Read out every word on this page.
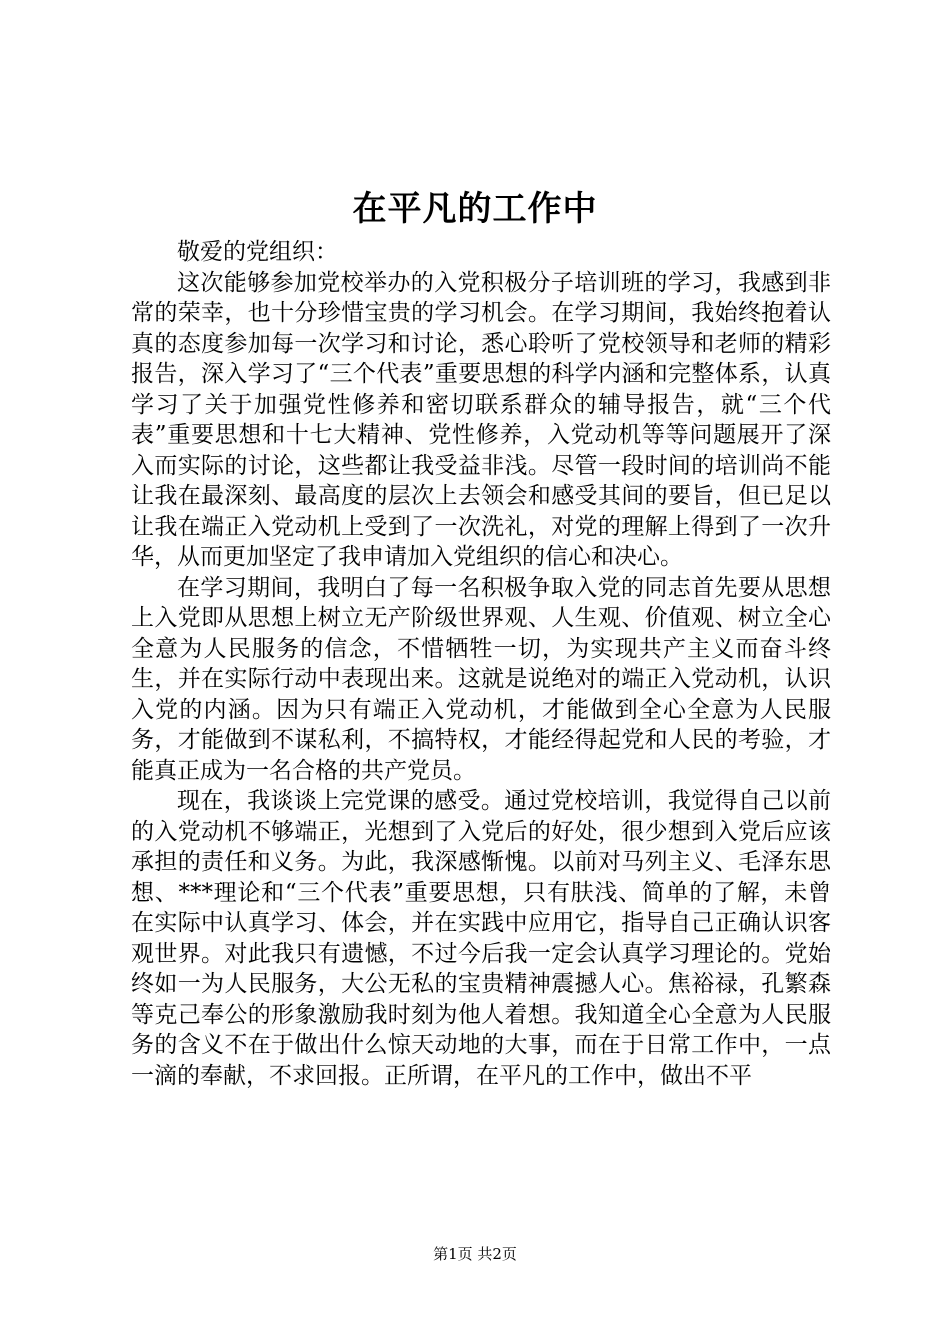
在平凡的工作中

敬爱的党组织：

这次能够参加党校举办的入党积极分子培训班的学习，我感到非常的荣幸，也十分珍惜宝贵的学习机会。在学习期间，我始终抱着认真的态度参加每一次学习和讨论，悉心聆听了党校领导和老师的精彩报告，深入学习了“三个代表”重要思想的科学内涵和完整体系，认真学习了关于加强党性修养和密切联系群众的辅导报告，就“三个代表”重要思想和十七大精神、党性修养，入党动机等等问题展开了深入而实际的讨论，这些都让我受益非浅。尽管一段时间的培训尚不能让我在最深刻、最高度的层次上去领会和感受其间的要旨，但已足以让我在端正入党动机上受到了一次洗礼，对党的理解上得到了一次升华，从而更加坚定了我申请加入党组织的信心和决心。

在学习期间，我明白了每一名积极争取入党的同志首先要从思想上入党即从思想上树立无产阶级世界观、人生观、价值观、树立全心全意为人民服务的信念，不惜牺牲一切，为实现共产主义而奋斗终生，并在实际行动中表现出来。这就是说绝对的端正入党动机，认识入党的内涵。因为只有端正入党动机，才能做到全心全意为人民服务，才能做到不谋私利，不搞特权，才能经得起党和人民的考验，才能真正成为一名合格的共产党员。

现在，我谈谈上完党课的感受。通过党校培训，我觉得自己以前的入党动机不够端正，光想到了入党后的好处，很少想到入党后应该承担的责任和义务。为此，我深感惭愧。以前对马列主义、毛泽东思想、***理论和“三个代表”重要思想，只有肤浅、简单的了解，未曾在实际中认真学习、体会，并在实践中应用它，指导自己正确认识客观世界。对此我只有遗憾，不过今后我一定会认真学习理论的。党始终如一为人民服务，大公无私的宝贵精神震撼人心。焦裕禄，孔繁森等克己奉公的形象激励我时刻为他人着想。我知道全心全意为人民服务的含义不在于做出什么惊天动地的大事，而在于日常工作中，一点一滴的奉献，不求回报。正所谓，在平凡的工作中，做出不平

第1页 共2页
